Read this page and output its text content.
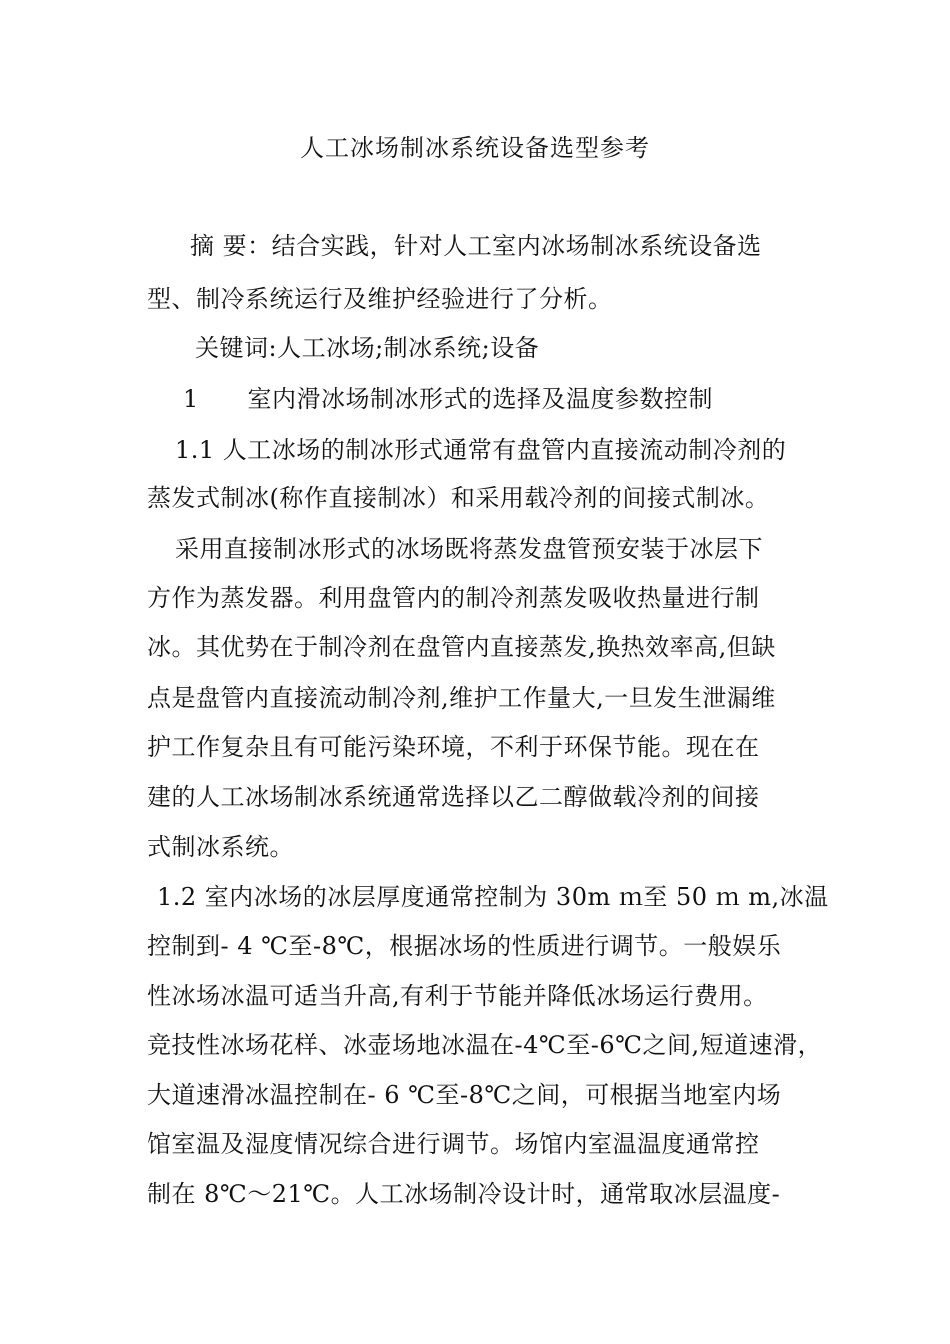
人工冰场制冰系统设备选型参考
摘 要：结合实践，针对人工室内冰场制冰系统设备选
型、制冷系统运行及维护经验进行了分析。
关键词:人工冰场;制冰系统;设备
1      室内滑冰场制冰形式的选择及温度参数控制
1.1 人工冰场的制冰形式通常有盘管内直接流动制冷剂的
蒸发式制冰(称作直接制冰）和采用载冷剂的间接式制冰。
采用直接制冰形式的冰场既将蒸发盘管预安装于冰层下
方作为蒸发器。利用盘管内的制冷剂蒸发吸收热量进行制
冰。其优势在于制冷剂在盘管内直接蒸发,换热效率高,但缺
点是盘管内直接流动制冷剂,维护工作量大,一旦发生泄漏维
护工作复杂且有可能污染环境，不利于环保节能。现在在
建的人工冰场制冰系统通常选择以乙二醇做载冷剂的间接
式制冰系统。
1.2 室内冰场的冰层厚度通常控制为 30m ｍ至 50 ｍ m,冰温
控制到- 4 ℃至-8℃，根据冰场的性质进行调节。一般娱乐
性冰场冰温可适当升高,有利于节能并降低冰场运行费用。
竞技性冰场花样、冰壶场地冰温在-4℃至-6℃之间,短道速滑，
大道速滑冰温控制在- 6 ℃至-8℃之间，可根据当地室内场
馆室温及湿度情况综合进行调节。场馆内室温温度通常控
制在 8℃～21℃。人工冰场制冷设计时，通常取冰层温度-
